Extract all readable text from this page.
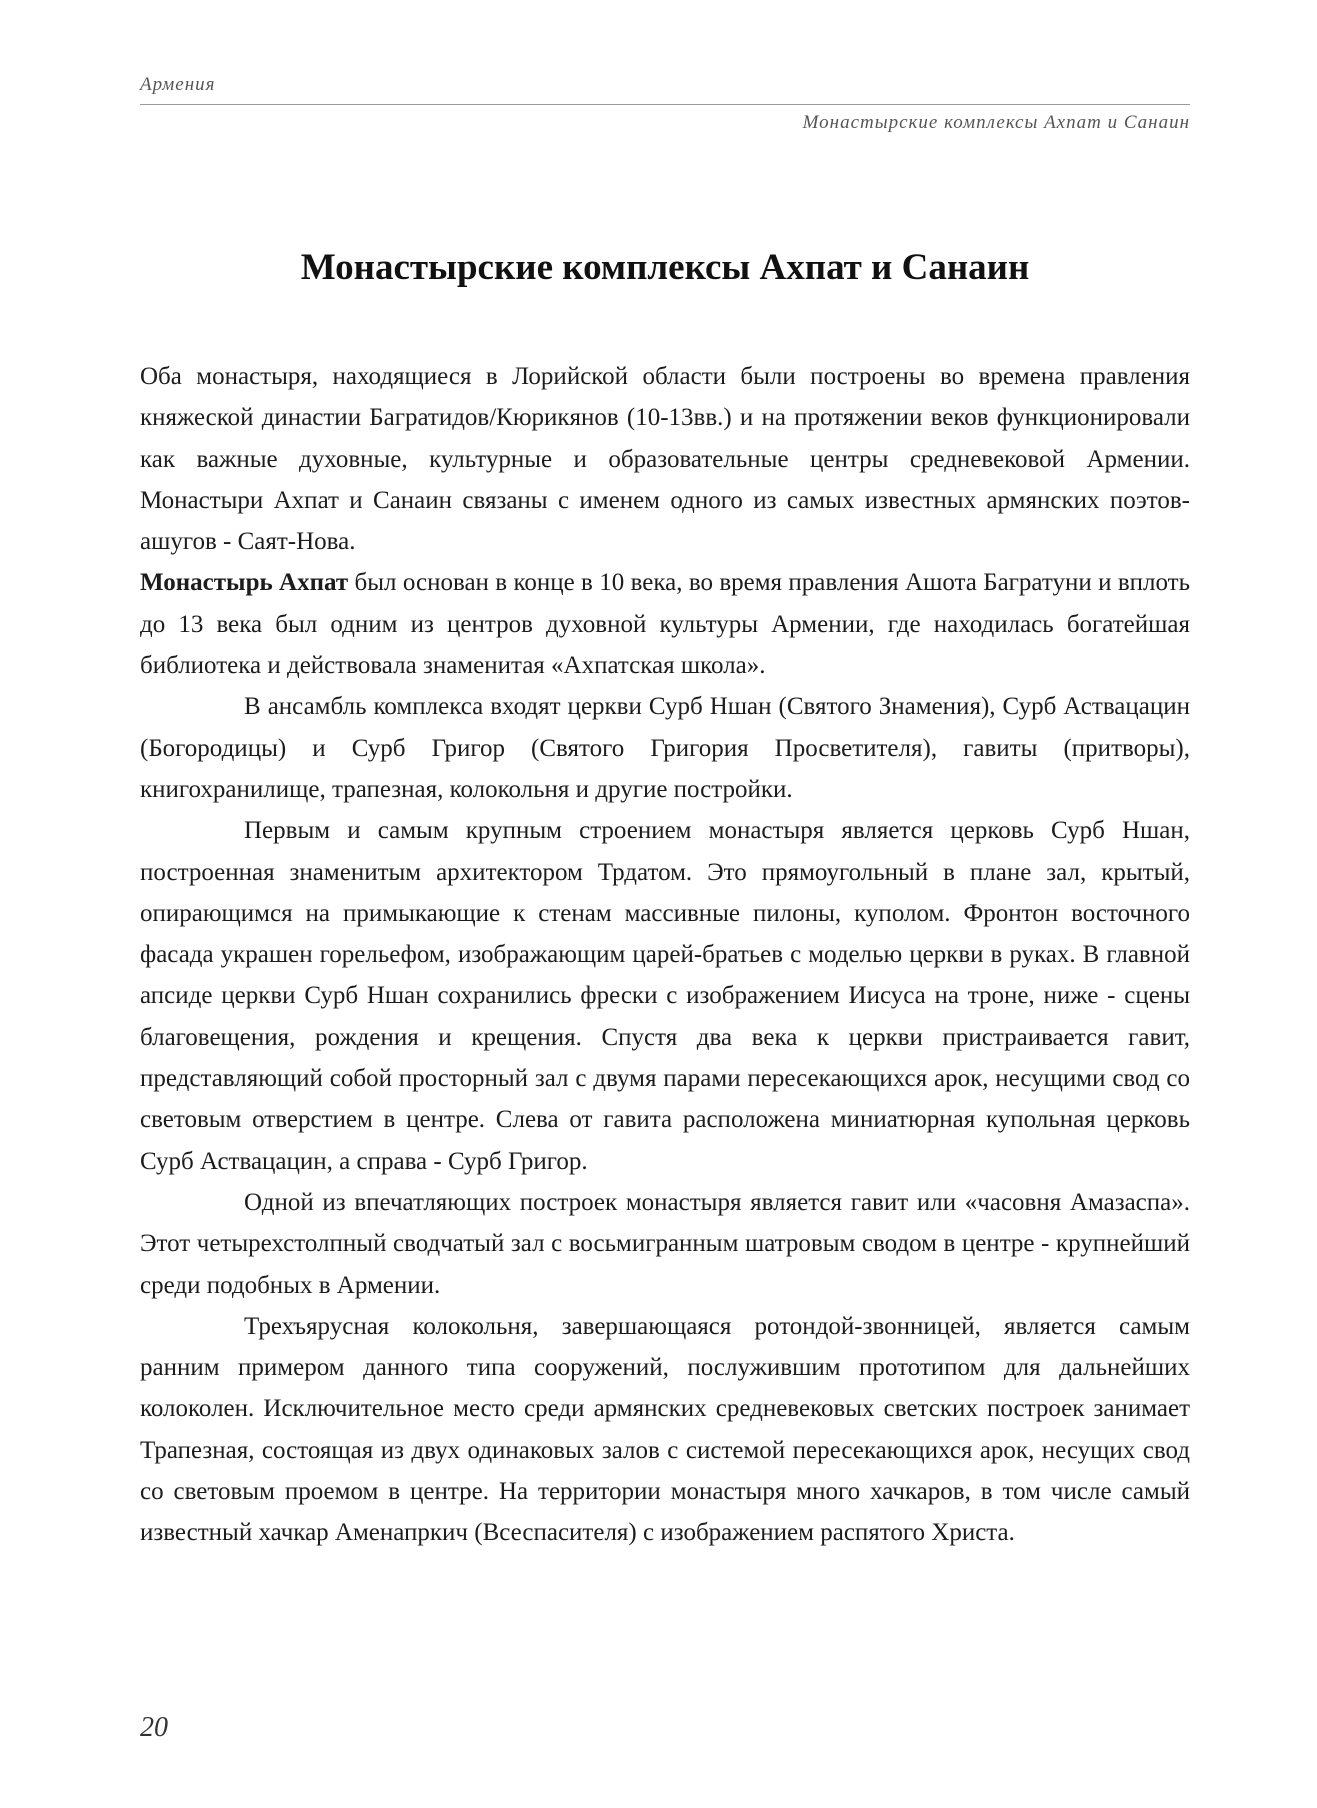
Армения
Монастырские комплексы Ахпат и Санаин
Монастырские комплексы Ахпат и Санаин

Оба монастыря, находящиеся в Лорийской области были построены во времена правления княжеской династии Багратидов/Кюрикянов (10-13вв.) и на протяжении веков функционировали как важные духовные, культурные и образовательные центры средневековой Армении. Монастыри Ахпат и Санаин связаны с именем одного из самых известных армянских поэтов-ашугов - Саят-Нова.

Монастырь Ахпат был основан в конце в 10 века, во время правления Ашота Багратуни и вплоть до 13 века был одним из центров духовной культуры Армении, где находилась богатейшая библиотека и действовала знаменитая «Ахпатская школа».

В ансамбль комплекса входят церкви Сурб Ншан (Святого Знамения), Сурб Аствацацин (Богородицы) и Сурб Григор (Святого Григория Просветителя), гавиты (притворы), книгохранилище, трапезная, колокольня и другие постройки.

Первым и самым крупным строением монастыря является церковь Сурб Ншан, построенная знаменитым архитектором Трдатом. Это прямоугольный в плане зал, крытый, опирающимся на примыкающие к стенам массивные пилоны, куполом. Фронтон восточного фасада украшен горельефом, изображающим царей-братьев с моделью церкви в руках. В главной апсиде церкви Сурб Ншан сохранились фрески с изображением Иисуса на троне, ниже - сцены благовещения, рождения и крещения. Спустя два века к церкви пристраивается гавит, представляющий собой просторный зал с двумя парами пересекающихся арок, несущими свод со световым отверстием в центре. Слева от гавита расположена миниатюрная купольная церковь Сурб Аствацацин, а справа - Сурб Григор.

Одной из впечатляющих построек монастыря является гавит или «часовня Амазаспа». Этот четырехстолпный сводчатый зал с восьмигранным шатровым сводом в центре - крупнейший среди подобных в Армении.

Трехъярусная колокольня, завершающаяся ротондой-звонницей, является самым ранним примером данного типа сооружений, послужившим прототипом для дальнейших колоколен. Исключительное место среди армянских средневековых светских построек занимает Трапезная, состоящая из двух одинаковых залов с системой пересекающихся арок, несущих свод со световым проемом в центре. На территории монастыря много хачкаров, в том числе самый известный хачкар Аменапркич (Всеспасителя) с изображением распятого Христа.

20
